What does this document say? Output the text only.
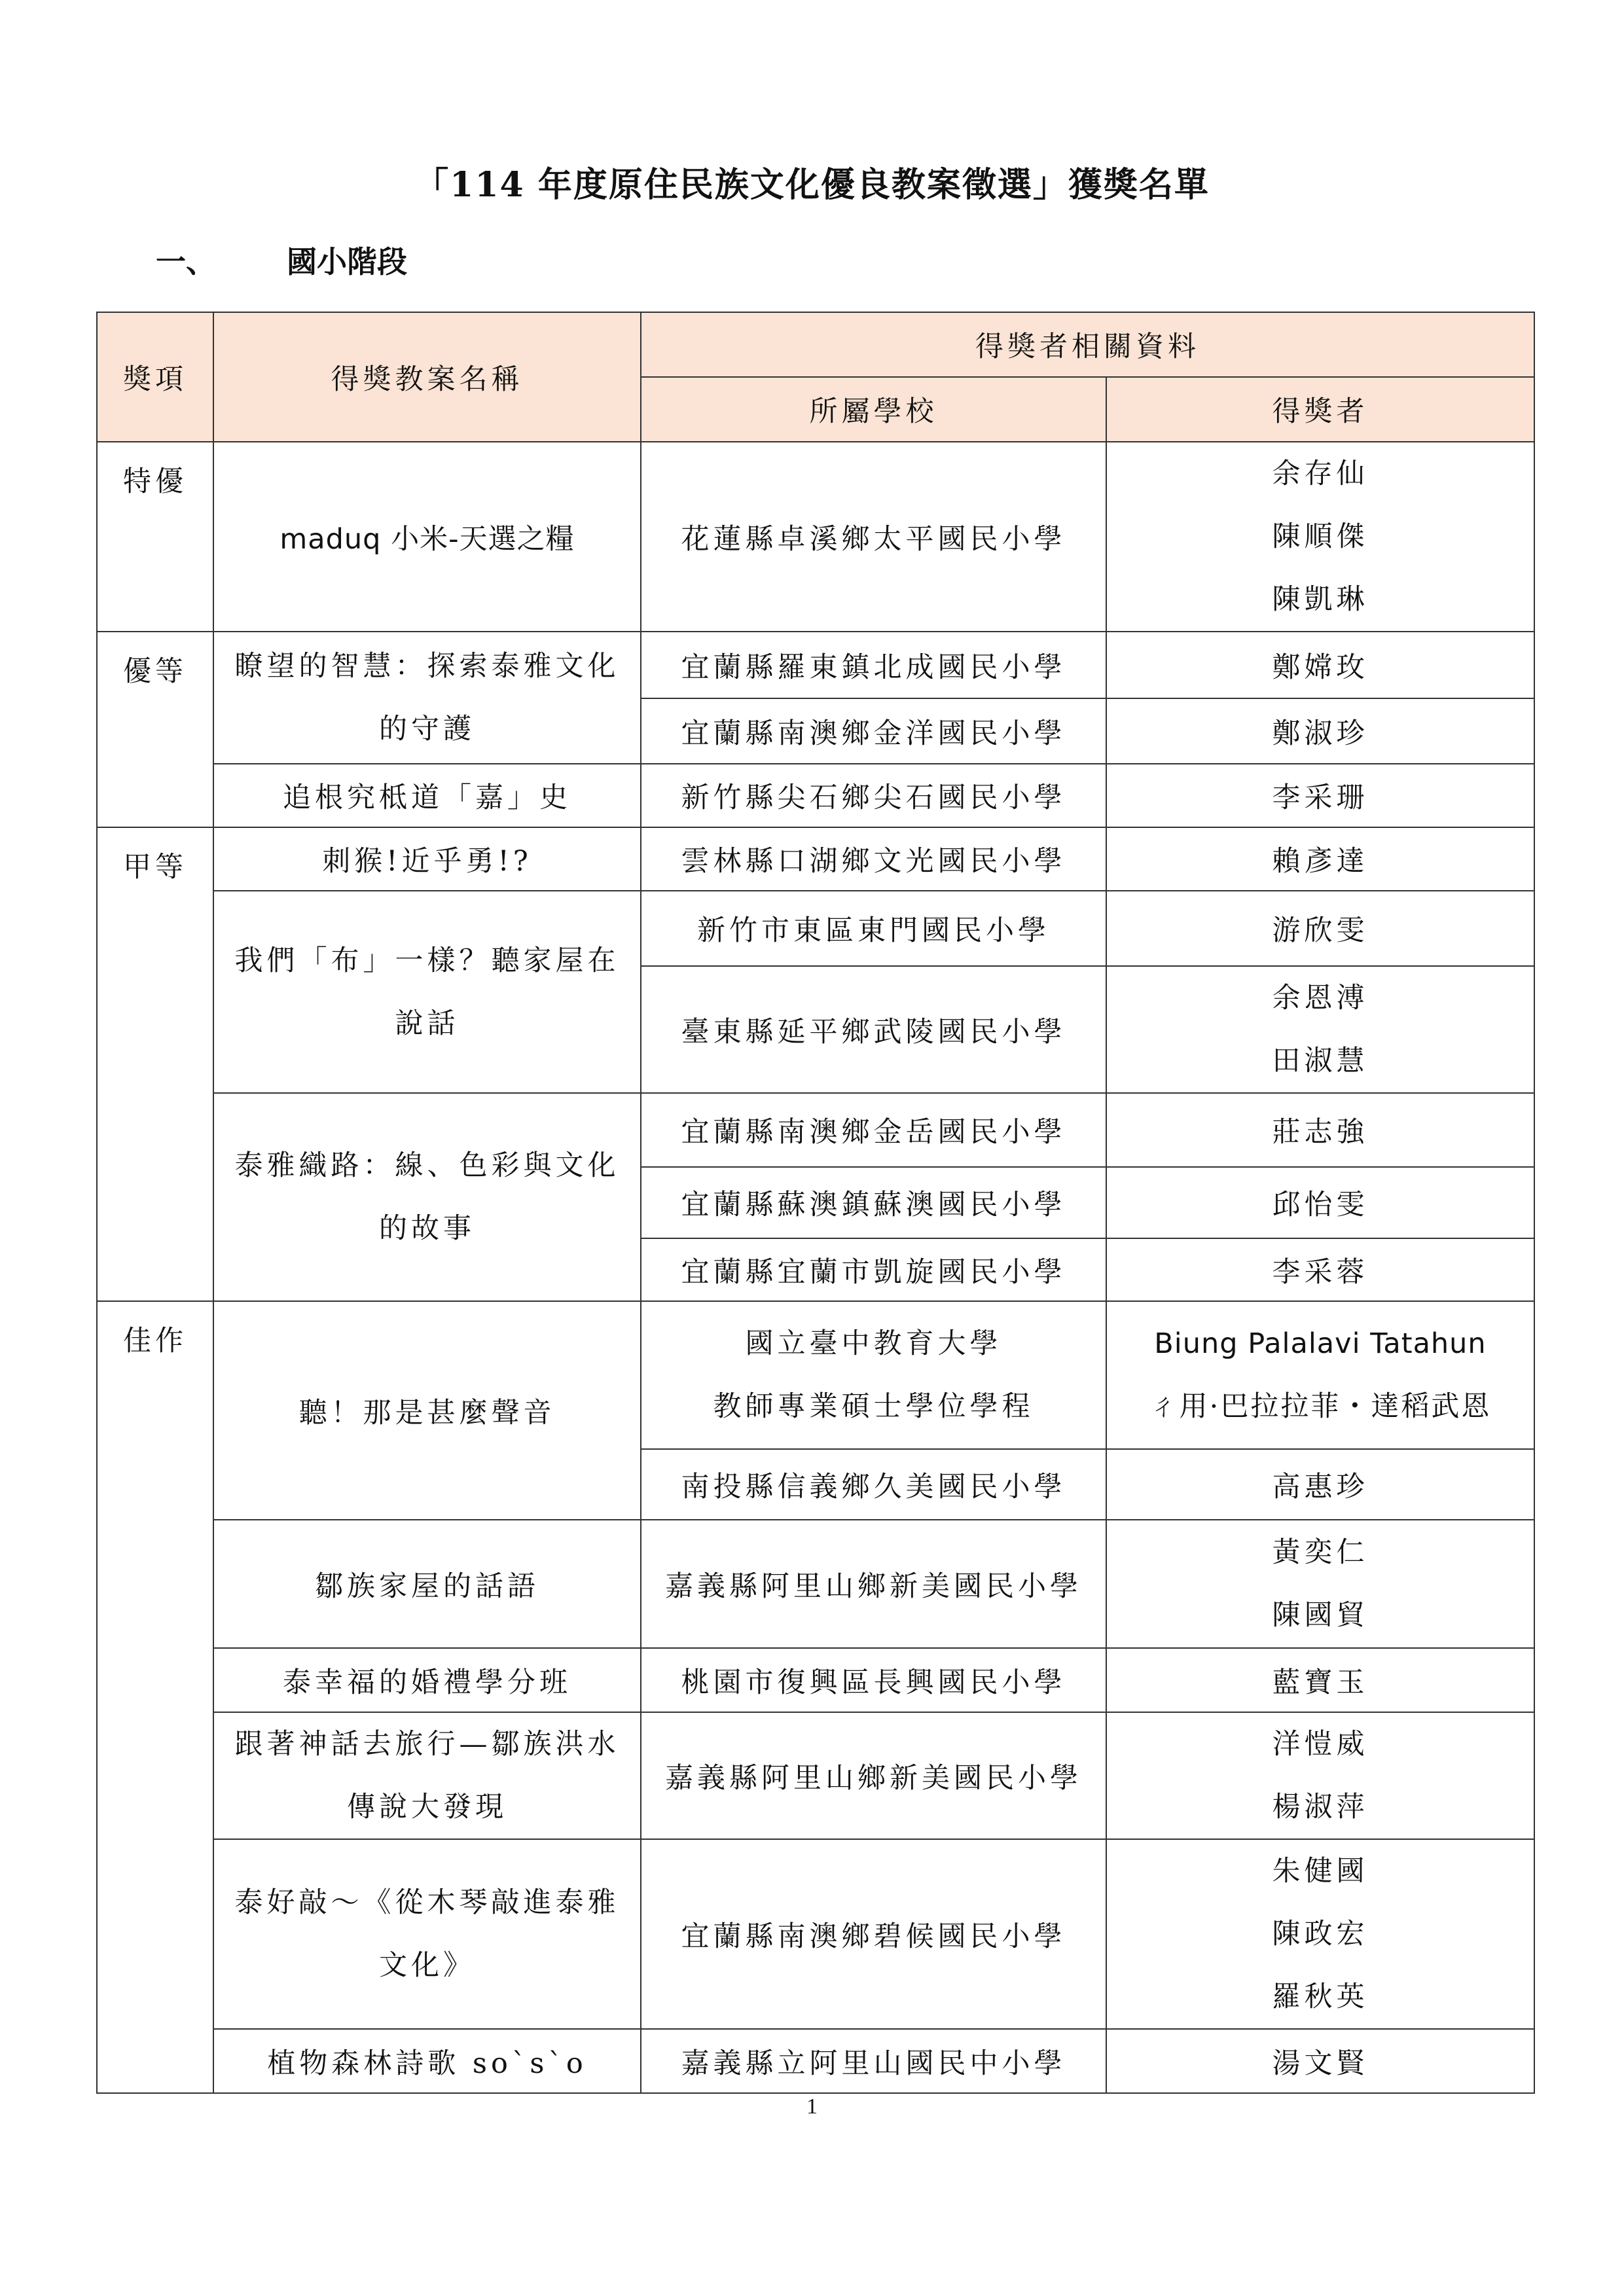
「114 年度原住民族文化優良教案徵選」獲獎名單
一、 國小階段
獎項	得獎教案名稱	得獎者相關資料	
		所屬學校	得獎者

特優	maduq 小米-天選之糧	花蓮縣卓溪鄉太平國民小學	余存仙
陳順傑
陳凱琳

優等	瞭望的智慧：探索泰雅文化
的守護	宜蘭縣羅東鎮北成國民小學	鄭嫦玫
		宜蘭縣南澳鄉金洋國民小學	鄭淑珍
	追根究柢道「嘉」史	新竹縣尖石鄉尖石國民小學	李采珊

甲等	刺猴!近乎勇!?	雲林縣口湖鄉文光國民小學	賴彥達

	我們「布」一樣？聽家屋在
說話	新竹市東區東門國民小學	游欣雯
		臺東縣延平鄉武陵國民小學	余恩溥
田淑慧

	泰雅織路：線、色彩與文化
的故事	宜蘭縣南澳鄉金岳國民小學	莊志強
		宜蘭縣蘇澳鎮蘇澳國民小學	邱怡雯
		宜蘭縣宜蘭市凱旋國民小學	李采蓉

佳作	聽！那是甚麼聲音	國立臺中教育大學
教師專業碩士學位學程	Biung Palalavi Tatahun
ㄔ用·巴拉拉菲・達稻武恩

		南投縣信義鄉久美國民小學	高惠珍
	鄒族家屋的話語	嘉義縣阿里山鄉新美國民小學	黃奕仁
陳國貿

	泰幸福的婚禮學分班	桃園市復興區長興國民小學	藍寶玉

	跟著神話去旅行—鄒族洪水
傳說大發現	嘉義縣阿里山鄉新美國民小學	洋愷威
楊淑萍

	泰好敲～《從木琴敲進泰雅
文化》	宜蘭縣南澳鄉碧候國民小學	朱健國
陳政宏
羅秋英

	植物森林詩歌 so`s`o	嘉義縣立阿里山國民中小學	湯文賢
1
